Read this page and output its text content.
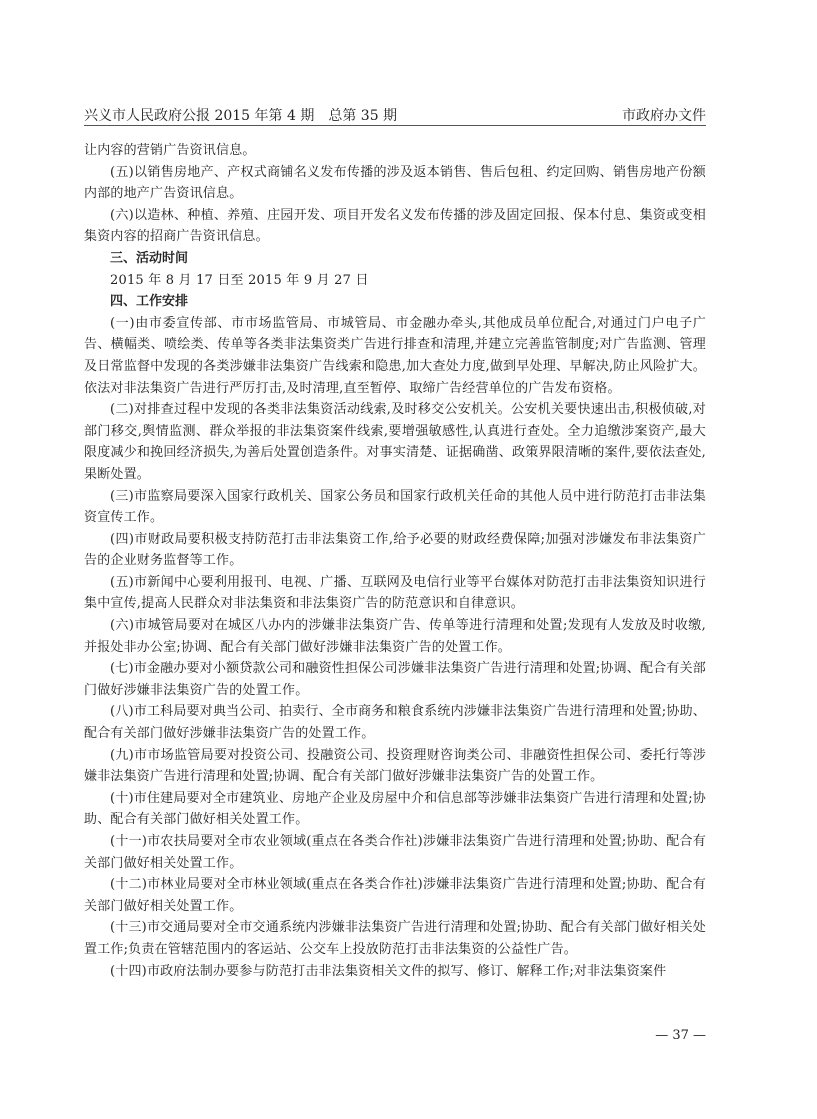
兴义市人民政府公报 2015 年第 4 期　总第 35 期	市政府办文件

让内容的营销广告资讯信息。

(五)以销售房地产、产权式商铺名义发布传播的涉及返本销售、售后包租、约定回购、销售房地产份额内部的地产广告资讯信息。

(六)以造林、种植、养殖、庄园开发、项目开发名义发布传播的涉及固定回报、保本付息、集资或变相集资内容的招商广告资讯信息。

三、活动时间

2015 年 8 月 17 日至 2015 年 9 月 27 日

四、工作安排

(一)由市委宣传部、市市场监管局、市城管局、市金融办牵头,其他成员单位配合,对通过门户电子广告、横幅类、喷绘类、传单等各类非法集资类广告进行排查和清理,并建立完善监管制度;对广告监测、管理及日常监督中发现的各类涉嫌非法集资广告线索和隐患,加大查处力度,做到早处理、早解决,防止风险扩大。依法对非法集资广告进行严厉打击,及时清理,直至暂停、取缔广告经营单位的广告发布资格。

(二)对排查过程中发现的各类非法集资活动线索,及时移交公安机关。公安机关要快速出击,积极侦破,对部门移交,舆情监测、群众举报的非法集资案件线索,要增强敏感性,认真进行查处。全力追缴涉案资产,最大限度减少和挽回经济损失,为善后处置创造条件。对事实清楚、证据确凿、政策界限清晰的案件,要依法查处,果断处置。

(三)市监察局要深入国家行政机关、国家公务员和国家行政机关任命的其他人员中进行防范打击非法集资宣传工作。

(四)市财政局要积极支持防范打击非法集资工作,给予必要的财政经费保障;加强对涉嫌发布非法集资广告的企业财务监督等工作。

(五)市新闻中心要利用报刊、电视、广播、互联网及电信行业等平台媒体对防范打击非法集资知识进行集中宣传,提高人民群众对非法集资和非法集资广告的防范意识和自律意识。

(六)市城管局要对在城区八办内的涉嫌非法集资广告、传单等进行清理和处置;发现有人发放及时收缴,并报处非办公室;协调、配合有关部门做好涉嫌非法集资广告的处置工作。

(七)市金融办要对小额贷款公司和融资性担保公司涉嫌非法集资广告进行清理和处置;协调、配合有关部门做好涉嫌非法集资广告的处置工作。

(八)市工科局要对典当公司、拍卖行、全市商务和粮食系统内涉嫌非法集资广告进行清理和处置;协助、配合有关部门做好涉嫌非法集资广告的处置工作。

(九)市市场监管局要对投资公司、投融资公司、投资理财咨询类公司、非融资性担保公司、委托行等涉嫌非法集资广告进行清理和处置;协调、配合有关部门做好涉嫌非法集资广告的处置工作。

(十)市住建局要对全市建筑业、房地产企业及房屋中介和信息部等涉嫌非法集资广告进行清理和处置;协助、配合有关部门做好相关处置工作。

(十一)市农扶局要对全市农业领域(重点在各类合作社)涉嫌非法集资广告进行清理和处置;协助、配合有关部门做好相关处置工作。

(十二)市林业局要对全市林业领域(重点在各类合作社)涉嫌非法集资广告进行清理和处置;协助、配合有关部门做好相关处置工作。

(十三)市交通局要对全市交通系统内涉嫌非法集资广告进行清理和处置;协助、配合有关部门做好相关处置工作;负责在管辖范围内的客运站、公交车上投放防范打击非法集资的公益性广告。

(十四)市政府法制办要参与防范打击非法集资相关文件的拟写、修订、解释工作;对非法集资案件

— 37 —
